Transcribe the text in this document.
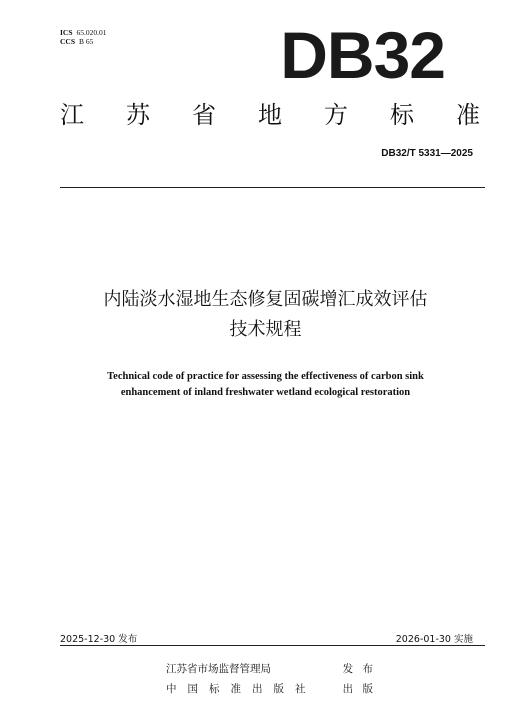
ICS 65.020.01
CCS B 65	DB32
江 苏 省 地 方 标 准
DB32/T 5331—2025
内陆淡水湿地生态修复固碳增汇成效评估
技术规程
Technical code of practice for assessing the effectiveness of carbon sink
enhancement of inland freshwater wetland ecological restoration
2025-12-30 发布	2026-01-30 实施
江苏省市场监督管理局	发 布
中 国 标 准 出 版 社	出 版
